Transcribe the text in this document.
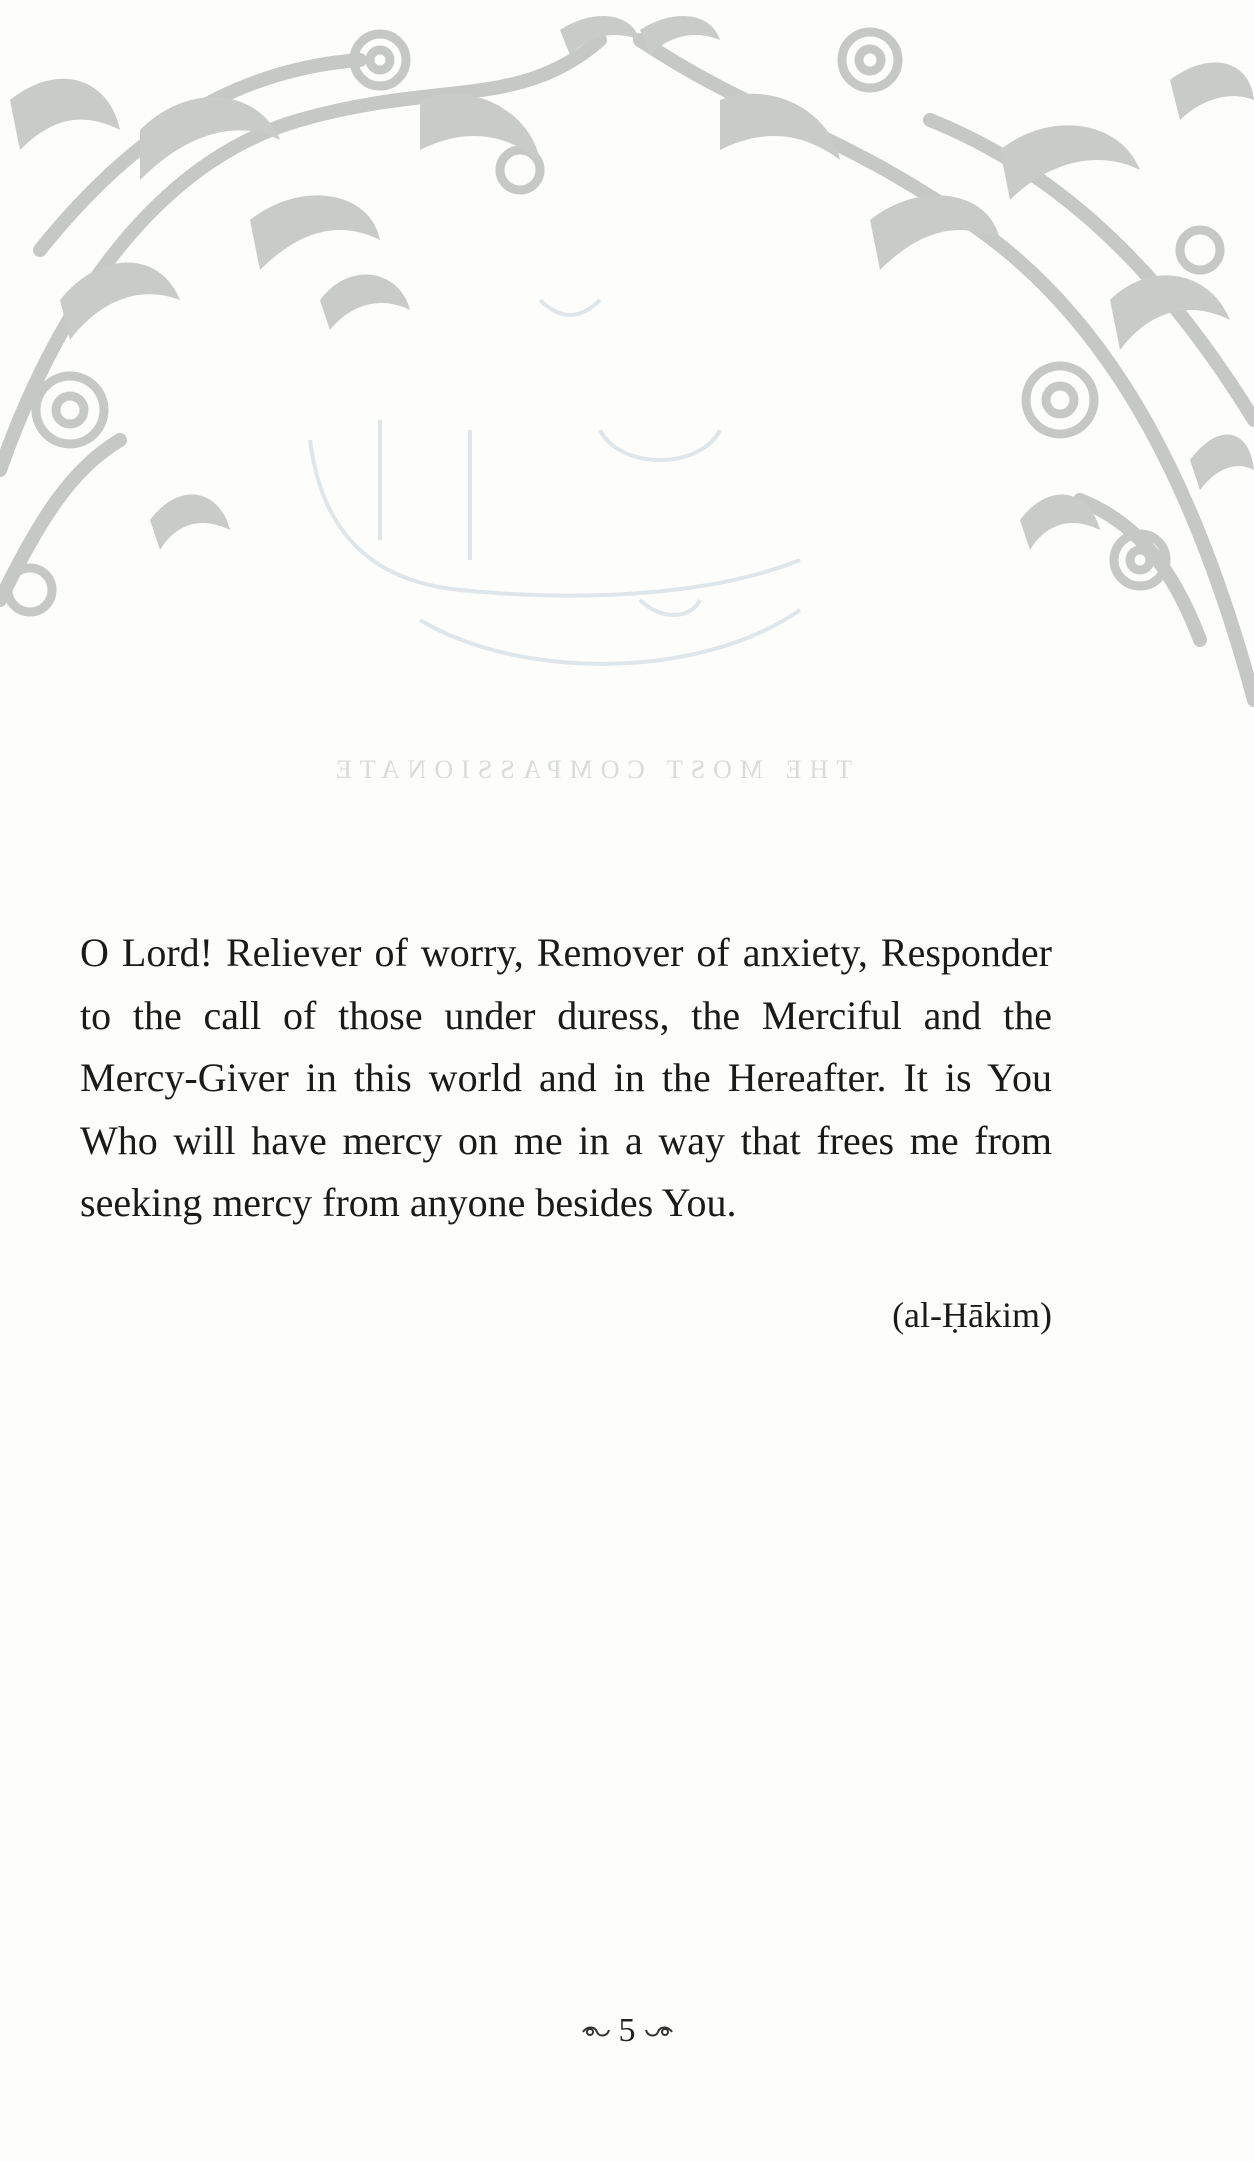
THE MOST COMPASSIONATE

O Lord! Reliever of worry, Remover of anxiety, Responder to the call of those under duress, the Merciful and the Mercy-Giver in this world and in the Hereafter. It is You Who will have mercy on me in a way that frees me from seeking mercy from anyone besides You.

(al-Ḥākim)
5
